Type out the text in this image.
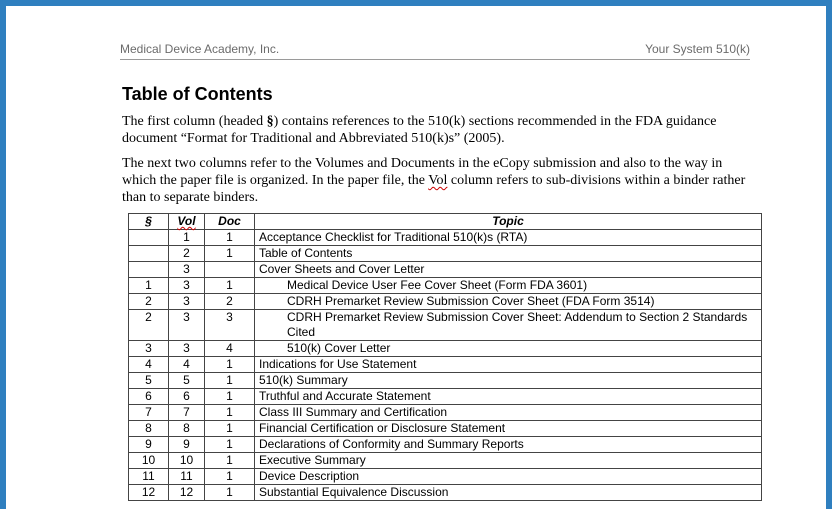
Medical Device Academy, Inc.	Your System 510(k)
Table of Contents
The first column (headed §) contains references to the 510(k) sections recommended in the FDA guidance document “Format for Traditional and Abbreviated 510(k)s” (2005).
The next two columns refer to the Volumes and Documents in the eCopy submission and also to the way in which the paper file is organized. In the paper file, the Vol column refers to sub-divisions within a binder rather than to separate binders.
§	Vol	Doc	Topic
	1	1	Acceptance Checklist for Traditional 510(k)s (RTA)
	2	1	Table of Contents
	3		Cover Sheets and Cover Letter
1	3	1	Medical Device User Fee Cover Sheet (Form FDA 3601)
2	3	2	CDRH Premarket Review Submission Cover Sheet (FDA Form 3514)
2	3	3	CDRH Premarket Review Submission Cover Sheet: Addendum to Section 2 Standards Cited
3	3	4	510(k) Cover Letter
4	4	1	Indications for Use Statement
5	5	1	510(k) Summary
6	6	1	Truthful and Accurate Statement
7	7	1	Class III Summary and Certification
8	8	1	Financial Certification or Disclosure Statement
9	9	1	Declarations of Conformity and Summary Reports
10	10	1	Executive Summary
11	11	1	Device Description
12	12	1	Substantial Equivalence Discussion
